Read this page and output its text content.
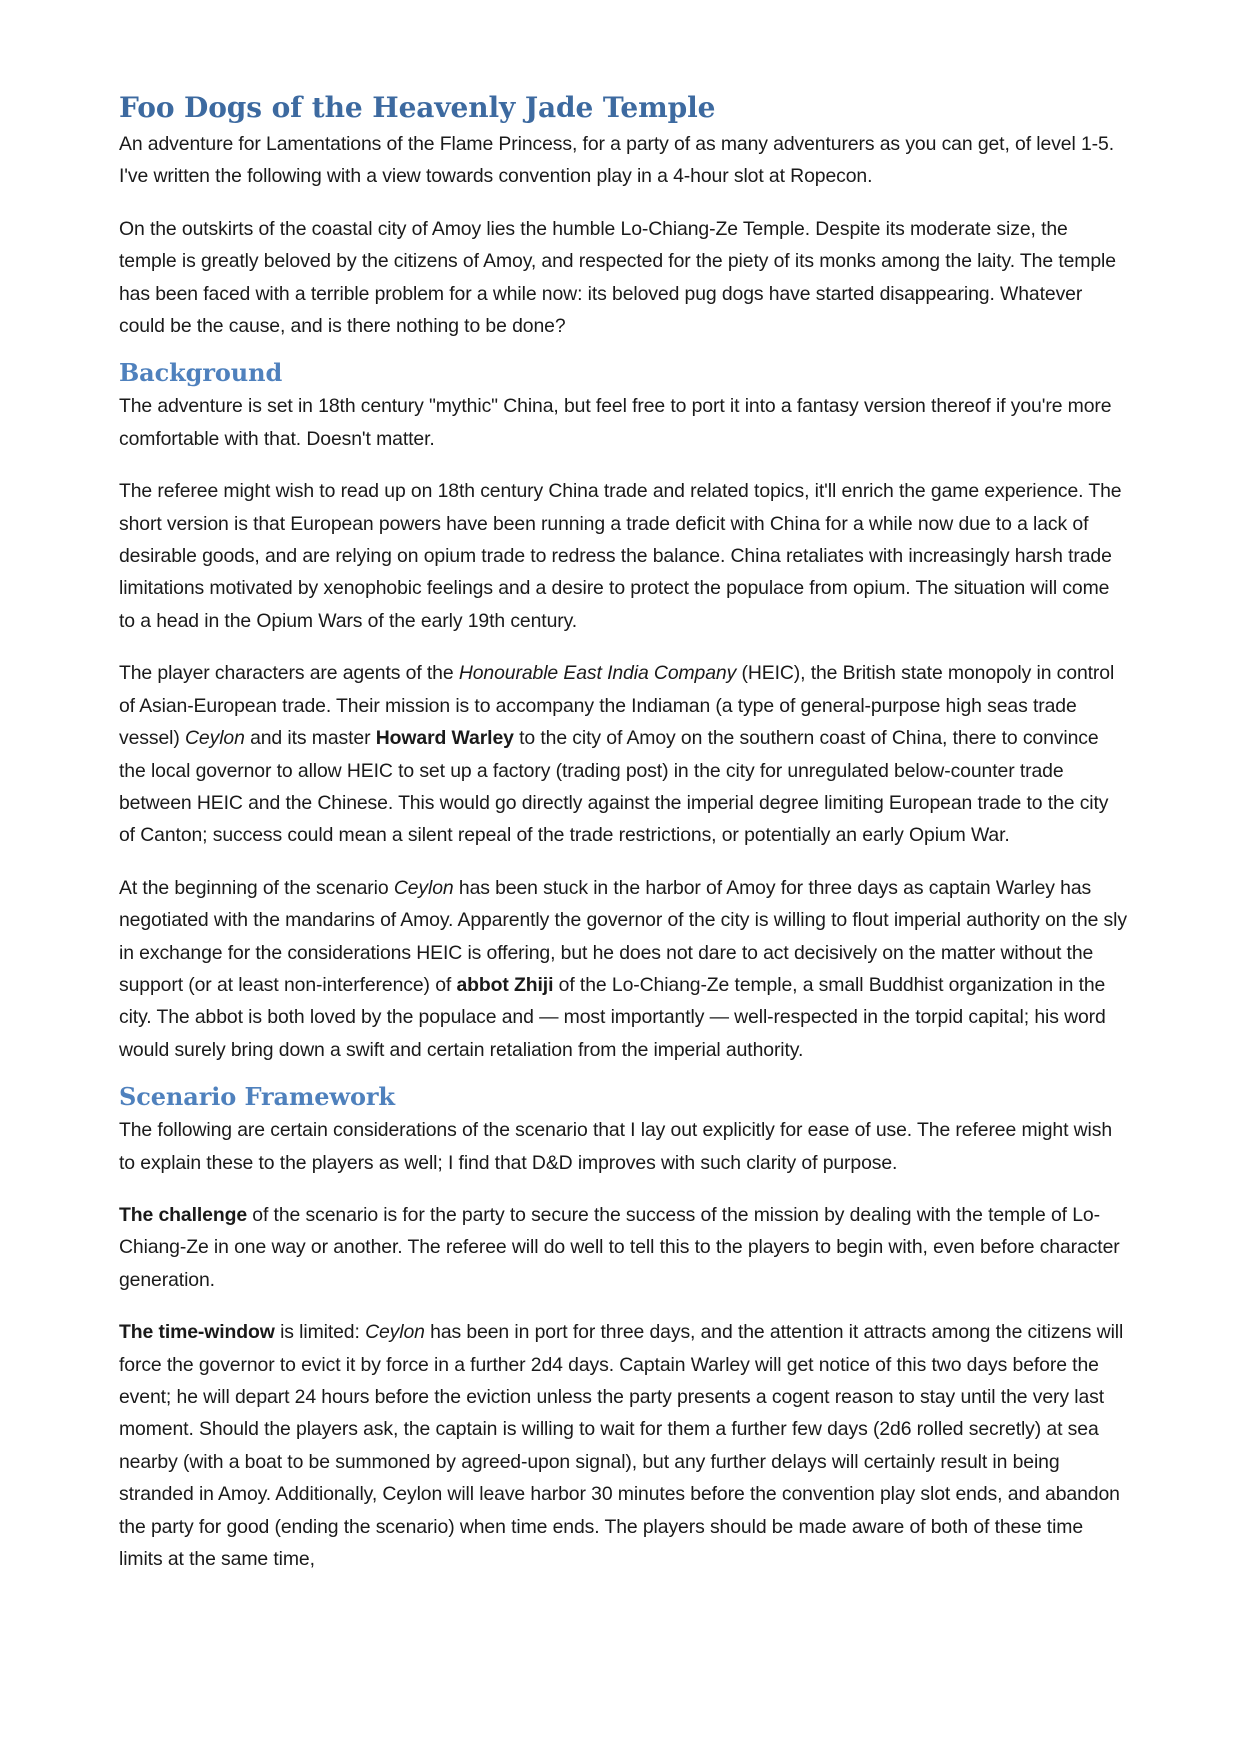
Foo Dogs of the Heavenly Jade Temple

An adventure for Lamentations of the Flame Princess, for a party of as many adventurers as you can get, of level 1-5. I've written the following with a view towards convention play in a 4-hour slot at Ropecon.

On the outskirts of the coastal city of Amoy lies the humble Lo-Chiang-Ze Temple. Despite its moderate size, the temple is greatly beloved by the citizens of Amoy, and respected for the piety of its monks among the laity. The temple has been faced with a terrible problem for a while now: its beloved pug dogs have started disappearing. Whatever could be the cause, and is there nothing to be done?

Background

The adventure is set in 18th century "mythic" China, but feel free to port it into a fantasy version thereof if you're more comfortable with that. Doesn't matter.

The referee might wish to read up on 18th century China trade and related topics, it'll enrich the game experience. The short version is that European powers have been running a trade deficit with China for a while now due to a lack of desirable goods, and are relying on opium trade to redress the balance. China retaliates with increasingly harsh trade limitations motivated by xenophobic feelings and a desire to protect the populace from opium. The situation will come to a head in the Opium Wars of the early 19th century.

The player characters are agents of the Honourable East India Company (HEIC), the British state monopoly in control of Asian-European trade. Their mission is to accompany the Indiaman (a type of general-purpose high seas trade vessel) Ceylon and its master Howard Warley to the city of Amoy on the southern coast of China, there to convince the local governor to allow HEIC to set up a factory (trading post) in the city for unregulated below-counter trade between HEIC and the Chinese. This would go directly against the imperial degree limiting European trade to the city of Canton; success could mean a silent repeal of the trade restrictions, or potentially an early Opium War.

At the beginning of the scenario Ceylon has been stuck in the harbor of Amoy for three days as captain Warley has negotiated with the mandarins of Amoy. Apparently the governor of the city is willing to flout imperial authority on the sly in exchange for the considerations HEIC is offering, but he does not dare to act decisively on the matter without the support (or at least non-interference) of abbot Zhiji of the Lo-Chiang-Ze temple, a small Buddhist organization in the city. The abbot is both loved by the populace and — most importantly — well-respected in the torpid capital; his word would surely bring down a swift and certain retaliation from the imperial authority.

Scenario Framework

The following are certain considerations of the scenario that I lay out explicitly for ease of use. The referee might wish to explain these to the players as well; I find that D&D improves with such clarity of purpose.

The challenge of the scenario is for the party to secure the success of the mission by dealing with the temple of Lo-Chiang-Ze in one way or another. The referee will do well to tell this to the players to begin with, even before character generation.

The time-window is limited: Ceylon has been in port for three days, and the attention it attracts among the citizens will force the governor to evict it by force in a further 2d4 days. Captain Warley will get notice of this two days before the event; he will depart 24 hours before the eviction unless the party presents a cogent reason to stay until the very last moment. Should the players ask, the captain is willing to wait for them a further few days (2d6 rolled secretly) at sea nearby (with a boat to be summoned by agreed-upon signal), but any further delays will certainly result in being stranded in Amoy. Additionally, Ceylon will leave harbor 30 minutes before the convention play slot ends, and abandon the party for good (ending the scenario) when time ends. The players should be made aware of both of these time limits at the same time,
